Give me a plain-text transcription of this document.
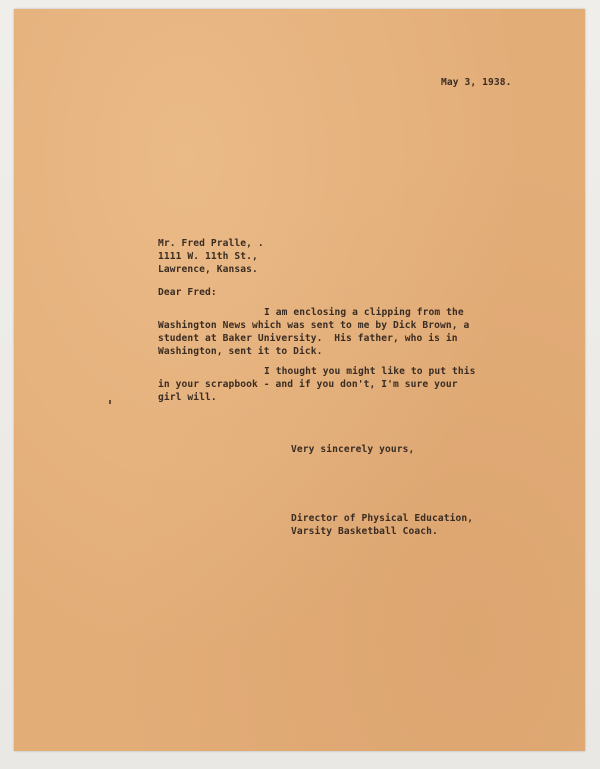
May 3, 1938.

Mr. Fred Pralle, .

1111 W. 11th St.,

Lawrence, Kansas.

Dear Fred:

I am enclosing a clipping from the

Washington News which was sent to me by Dick Brown, a

student at Baker University.  His father, who is in

Washington, sent it to Dick.

I thought you might like to put this

in your scrapbook - and if you don't, I'm sure your

girl will.

Very sincerely yours,

Director of Physical Education,

Varsity Basketball Coach.
